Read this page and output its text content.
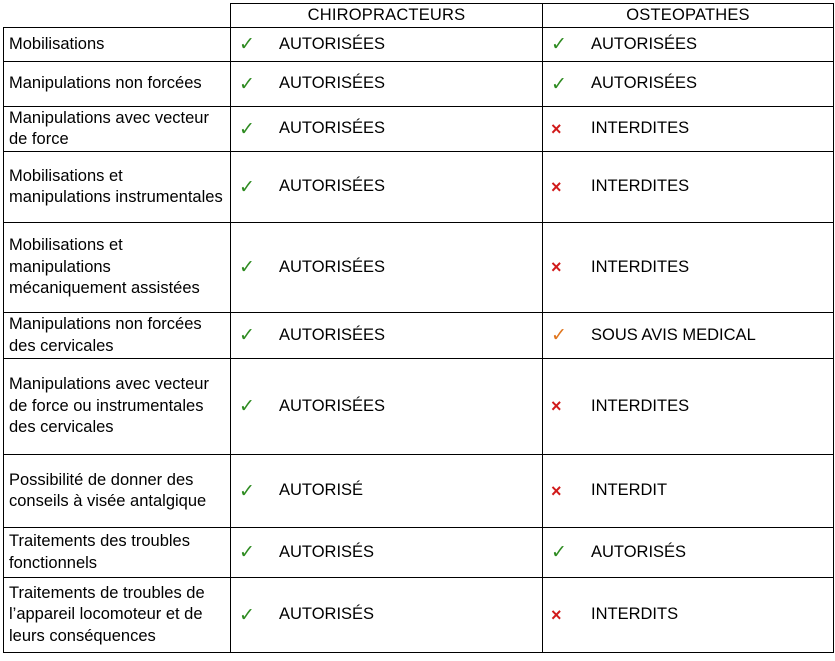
	CHIROPRACTEURS	OSTEOPATHES
Mobilisations	✓ AUTORISÉES	✓ AUTORISÉES
Manipulations non forcées	✓ AUTORISÉES	✓ AUTORISÉES
Manipulations avec vecteur de force	✓ AUTORISÉES	× INTERDITES
Mobilisations et manipulations instrumentales	✓ AUTORISÉES	× INTERDITES
Mobilisations et manipulations mécaniquement assistées	✓ AUTORISÉES	× INTERDITES
Manipulations non forcées des cervicales	✓ AUTORISÉES	✓ SOUS AVIS MEDICAL
Manipulations avec vecteur de force ou instrumentales des cervicales	✓ AUTORISÉES	× INTERDITES
Possibilité de donner des conseils à visée antalgique	✓ AUTORISÉ	× INTERDIT
Traitements des troubles fonctionnels	✓ AUTORISÉS	✓ AUTORISÉS
Traitements de troubles de l’appareil locomoteur et de leurs conséquences	✓ AUTORISÉS	× INTERDITS
